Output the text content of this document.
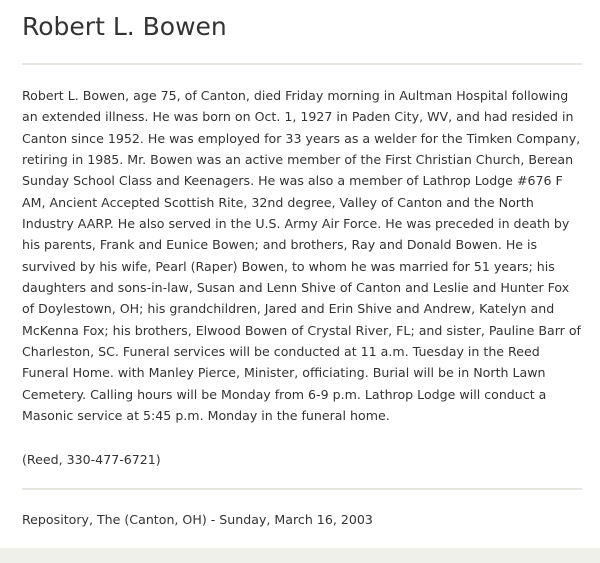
Robert L. Bowen

Robert L. Bowen, age 75, of Canton, died Friday morning in Aultman Hospital following an extended illness. He was born on Oct. 1, 1927 in Paden City, WV, and had resided in Canton since 1952. He was employed for 33 years as a welder for the Timken Company, retiring in 1985. Mr. Bowen was an active member of the First Christian Church, Berean Sunday School Class and Keenagers. He was also a member of Lathrop Lodge #676 F AM, Ancient Accepted Scottish Rite, 32nd degree, Valley of Canton and the North Industry AARP. He also served in the U.S. Army Air Force. He was preceded in death by his parents, Frank and Eunice Bowen; and brothers, Ray and Donald Bowen. He is survived by his wife, Pearl (Raper) Bowen, to whom he was married for 51 years; his daughters and sons-in-law, Susan and Lenn Shive of Canton and Leslie and Hunter Fox of Doylestown, OH; his grandchildren, Jared and Erin Shive and Andrew, Katelyn and McKenna Fox; his brothers, Elwood Bowen of Crystal River, FL; and sister, Pauline Barr of Charleston, SC. Funeral services will be conducted at 11 a.m. Tuesday in the Reed Funeral Home. with Manley Pierce, Minister, officiating. Burial will be in North Lawn Cemetery. Calling hours will be Monday from 6-9 p.m. Lathrop Lodge will conduct a Masonic service at 5:45 p.m. Monday in the funeral home.

(Reed, 330-477-6721)

Repository, The (Canton, OH) - Sunday, March 16, 2003
